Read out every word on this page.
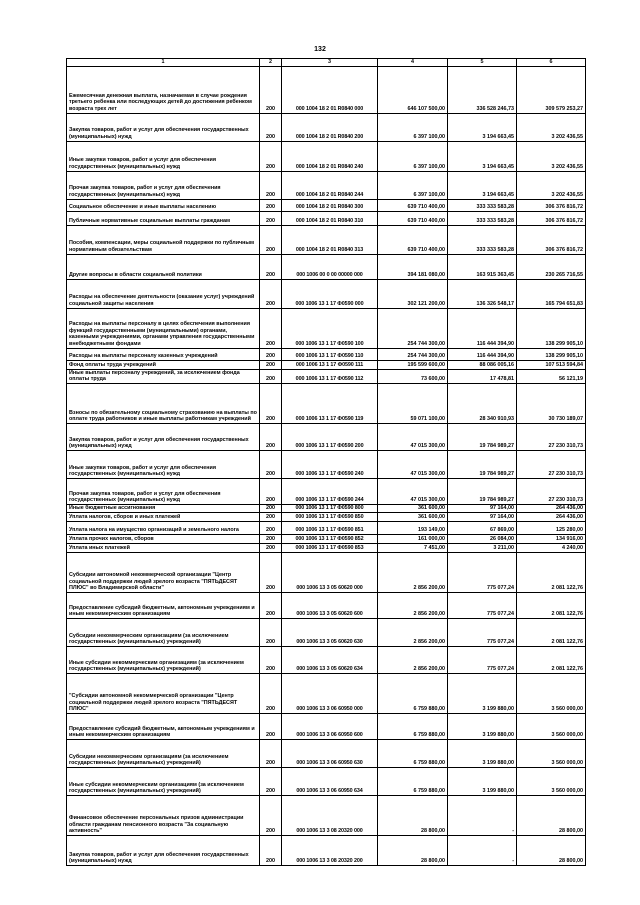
132
1	2	3	4	5	6
Ежемесячная денежная выплата, назначаемая в случае рождения третьего ребенка или последующих детей до достижения ребенком возраста трех лет	200	000 1004 18 2 01 R0840 000	646 107 500,00	336 528 246,73	309 579 253,27
Закупка товаров, работ и услуг для обеспечения государственных (муниципальных) нужд	200	000 1004 18 2 01 R0840 200	6 397 100,00	3 194 663,45	3 202 436,55
Иные закупки товаров, работ и услуг для обеспечения государственных (муниципальных) нужд	200	000 1004 18 2 01 R0840 240	6 397 100,00	3 194 663,45	3 202 436,55
Прочая закупка товаров, работ и услуг для обеспечения государственных (муниципальных) нужд	200	000 1004 18 2 01 R0840 244	6 397 100,00	3 194 663,45	3 202 436,55
Социальное обеспечение и иные выплаты населению	200	000 1004 18 2 01 R0840 300	639 710 400,00	333 333 583,28	306 376 816,72
Публичные нормативные социальные выплаты гражданам	200	000 1004 18 2 01 R0840 310	639 710 400,00	333 333 583,28	306 376 816,72
Пособия, компенсации, меры социальной поддержки по публичным нормативным обязательствам	200	000 1004 18 2 01 R0840 313	639 710 400,00	333 333 583,28	306 376 816,72
Другие вопросы в области социальной политики	200	000 1006 00 0 00 00000 000	394 181 080,00	163 915 363,45	230 265 716,55
Расходы на обеспечение деятельности (оказание услуг) учреждений социальной защиты населения	200	000 1006 13 1 17 Ф0590 000	302 121 200,00	136 326 548,17	165 794 651,83
Расходы на выплаты персоналу в целях обеспечения выполнения функций государственными (муниципальными) органами, казенными учреждениями, органами управления государственными внебюджетными фондами	200	000 1006 13 1 17 Ф0590 100	254 744 300,00	116 444 394,90	138 299 905,10
Расходы на выплаты персоналу казенных учреждений	200	000 1006 13 1 17 Ф0590 110	254 744 300,00	116 444 394,90	138 299 905,10
Фонд оплаты труда учреждений	200	000 1006 13 1 17 Ф0590 111	195 599 600,00	88 086 005,16	107 513 594,84
Иные выплаты персоналу учреждений, за исключением фонда оплаты труда	200	000 1006 13 1 17 Ф0590 112	73 600,00	17 478,81	56 121,19
Взносы по обязательному социальному страхованию на выплаты по оплате труда работников и иные выплаты работникам учреждений	200	000 1006 13 1 17 Ф0590 119	59 071 100,00	28 340 910,93	30 730 189,07
Закупка товаров, работ и услуг для обеспечения государственных (муниципальных) нужд	200	000 1006 13 1 17 Ф0590 200	47 015 300,00	19 784 989,27	27 230 310,73
Иные закупки товаров, работ и услуг для обеспечения государственных (муниципальных) нужд	200	000 1006 13 1 17 Ф0590 240	47 015 300,00	19 784 989,27	27 230 310,73
Прочая закупка товаров, работ и услуг для обеспечения государственных (муниципальных) нужд	200	000 1006 13 1 17 Ф0590 244	47 015 300,00	19 784 989,27	27 230 310,73
Иные бюджетные ассигнования	200	000 1006 13 1 17 Ф0590 800	361 600,00	97 164,00	264 436,00
Уплата налогов, сборов и иных платежей	200	000 1006 13 1 17 Ф0590 850	361 600,00	97 164,00	264 436,00
Уплата налога на имущество организаций и земельного налога	200	000 1006 13 1 17 Ф0590 851	193 149,00	67 869,00	125 280,00
Уплата прочих налогов, сборов	200	000 1006 13 1 17 Ф0590 852	161 000,00	26 084,00	134 916,00
Уплата иных платежей	200	000 1006 13 1 17 Ф0590 853	7 451,00	3 211,00	4 240,00
Субсидии автономной некоммерческой организации "Центр социальной поддержки людей зрелого возраста "ПЯТЬДЕСЯТ ПЛЮС" во Владимирской области"	200	000 1006 13 3 05 60620 000	2 856 200,00	775 077,24	2 081 122,76
Предоставление субсидий бюджетным, автономным учреждениям и иным некоммерческим организациям	200	000 1006 13 3 05 60620 600	2 856 200,00	775 077,24	2 081 122,76
Субсидии некоммерческим организациям (за исключением государственных (муниципальных) учреждений)	200	000 1006 13 3 05 60620 630	2 856 200,00	775 077,24	2 081 122,76
Иные субсидии некоммерческим организациям (за исключением государственных (муниципальных) учреждений)	200	000 1006 13 3 05 60620 634	2 856 200,00	775 077,24	2 081 122,76
"Субсидии автономной некоммерческой организации "Центр социальной поддержки людей зрелого возраста "ПЯТЬДЕСЯТ ПЛЮС"	200	000 1006 13 3 06 60950 000	6 759 880,00	3 199 880,00	3 560 000,00
Предоставление субсидий бюджетным, автономным учреждениям и иным некоммерческим организациям	200	000 1006 13 3 06 60950 600	6 759 880,00	3 199 880,00	3 560 000,00
Субсидии некоммерческим организациям (за исключением государственных (муниципальных) учреждений)	200	000 1006 13 3 06 60950 630	6 759 880,00	3 199 880,00	3 560 000,00
Иные субсидии некоммерческим организациям (за исключением государственных (муниципальных) учреждений)	200	000 1006 13 3 06 60950 634	6 759 880,00	3 199 880,00	3 560 000,00
Финансовое обеспечение персональных призов администрации области гражданам пенсионного возраста "За социальную активность"	200	000 1006 13 3 08 20320 000	28 800,00	-	28 800,00
Закупка товаров, работ и услуг для обеспечения государственных (муниципальных) нужд	200	000 1006 13 3 08 20320 200	28 800,00	-	28 800,00
